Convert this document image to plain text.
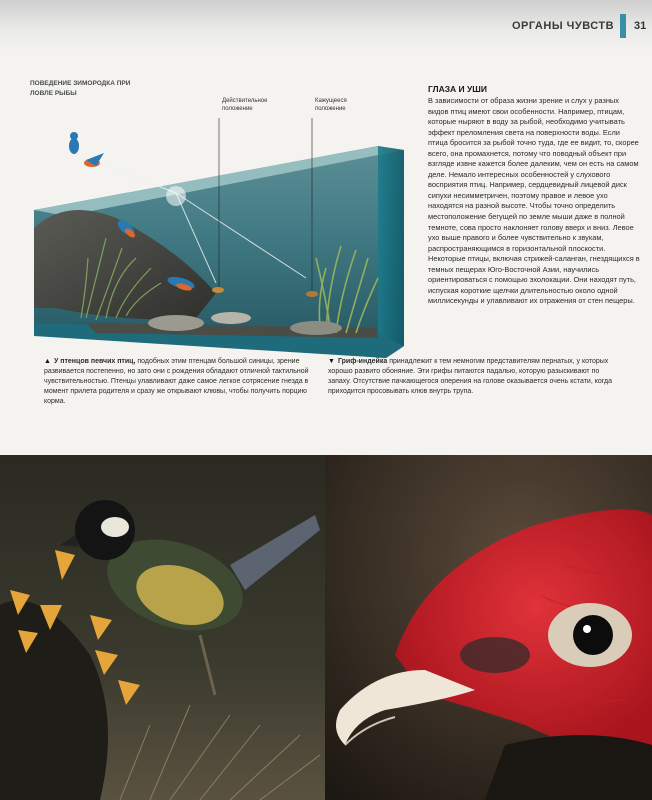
ОРГАНЫ ЧУВСТВ 31
ПОВЕДЕНИЕ ЗИМОРОДКА ПРИ ЛОВЛЕ РЫБЫ
Действительное положение
Кажущееся положение
ГЛАЗА И УШИ

В зависимости от образа жизни зрение и слух у разных видов птиц имеют свои особенности. Например, птицам, которые ныряют в воду за рыбой, необходимо учитывать эффект преломления света на поверхности воды. Если птица бросится за рыбой точно туда, где ее видит, то, скорее всего, она промахнется, потому что поводный объект при взгляде извне кажется более далеким, чем он есть на самом деле. Немало интересных особенностей у слухового восприятия птиц. Например, сердцевидный лицевой диск сипухи несимметричен, поэтому правое и левое ухо находятся на разной высоте. Чтобы точно определить местоположение бегущей по земле мыши даже в полной темноте, сова просто наклоняет голову вверх и вниз. Левое ухо выше правого и более чувствительно к звукам, распространяющимся в горизонтальной плоскости. Некоторые птицы, включая стрижей-саланган, гнездящихся в темных пещерах Юго-Восточной Азии, научились ориентироваться с помощью эхолокации. Они находят путь, испуская короткие щелчки длительностью около одной миллисекунды и улавливают их отражения от стен пещеры.

▲ У птенцов певчих птиц, подобных этим птенцам большой синицы, зрение развивается постепенно, но зато они с рождения обладают отличной тактильной чувствительностью. Птенцы улавливают даже самое легкое сотрясение гнезда в момент прилета родителя и сразу же открывают клювы, чтобы получить порцию корма.

▼ Гриф-индейка принадлежит к тем немногим представителям пернатых, у которых хорошо развито обоняние. Эти грифы питаются падалью, которую разыскивают по запаху. Отсутствие пачкающегося оперения на голове оказывается очень кстати, когда приходится просовывать клюв внутрь трупа.
